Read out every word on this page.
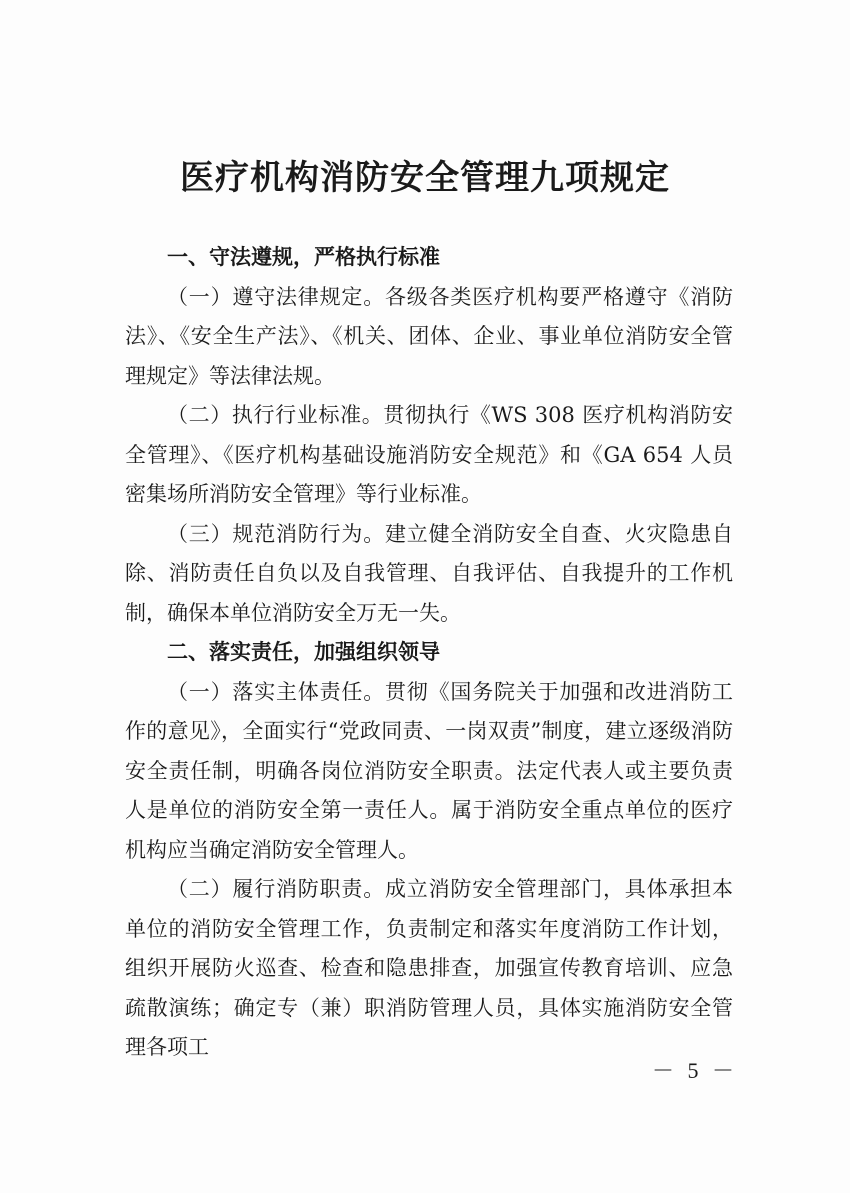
医疗机构消防安全管理九项规定

一、守法遵规，严格执行标准

（一）遵守法律规定。各级各类医疗机构要严格遵守《消防法》、《安全生产法》、《机关、团体、企业、事业单位消防安全管理规定》等法律法规。

（二）执行行业标准。贯彻执行《WS 308 医疗机构消防安全管理》、《医疗机构基础设施消防安全规范》和《GA 654 人员密集场所消防安全管理》等行业标准。

（三）规范消防行为。建立健全消防安全自查、火灾隐患自除、消防责任自负以及自我管理、自我评估、自我提升的工作机制，确保本单位消防安全万无一失。

二、落实责任，加强组织领导

（一）落实主体责任。贯彻《国务院关于加强和改进消防工作的意见》，全面实行“党政同责、一岗双责”制度，建立逐级消防安全责任制，明确各岗位消防安全职责。法定代表人或主要负责人是单位的消防安全第一责任人。属于消防安全重点单位的医疗机构应当确定消防安全管理人。

（二）履行消防职责。成立消防安全管理部门，具体承担本单位的消防安全管理工作，负责制定和落实年度消防工作计划，组织开展防火巡查、检查和隐患排查，加强宣传教育培训、应急疏散演练；确定专（兼）职消防管理人员，具体实施消防安全管理各项工

－ 5 －
